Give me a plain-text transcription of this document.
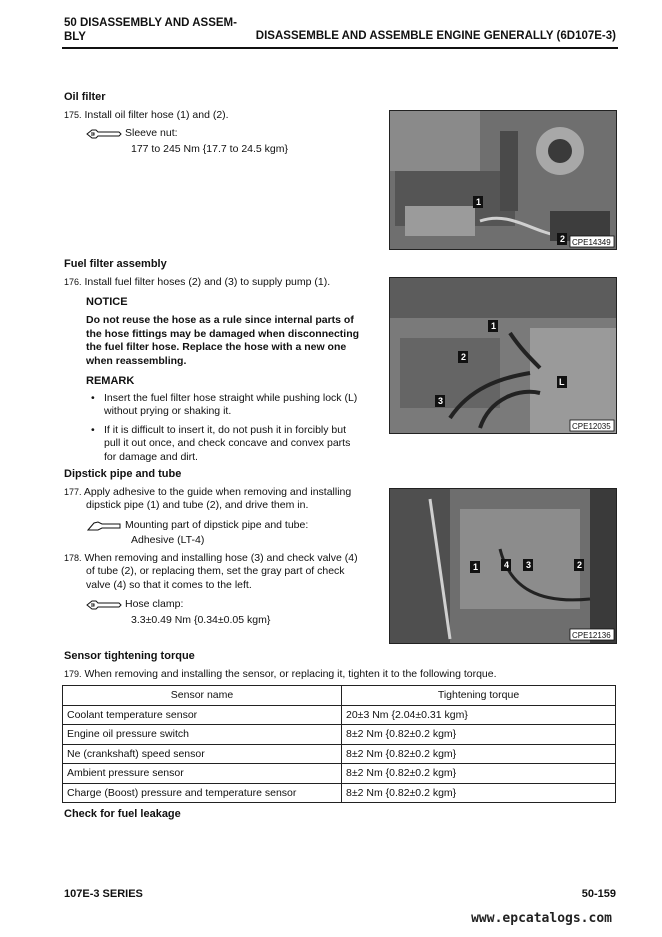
50 DISASSEMBLY AND ASSEM-
BLY	DISASSEMBLE AND ASSEMBLE ENGINE GENERALLY (6D107E-3)
Oil filter
175. Install oil filter hose (1) and (2).
Sleeve nut:
177 to 245 Nm {17.7 to 24.5 kgm}
1
2 CPE14349
Fuel filter assembly
176. Install fuel filter hoses (2) and (3) to supply pump (1).
NOTICE
Do not reuse the hose as a rule since internal parts of
the hose fittings may be damaged when disconnecting
the fuel filter hose. Replace the hose with a new one
when reassembling.
REMARK
• Insert the fuel filter hose straight while pushing lock (L)
without prying or shaking it.
• If it is difficult to insert it, do not push it in forcibly but
pull it out once, and check concave and convex parts
for damage and dirt.
1
2
3
L
CPE12035
Dipstick pipe and tube
177. Apply adhesive to the guide when removing and installing
dipstick pipe (1) and tube (2), and drive them in.
Mounting part of dipstick pipe and tube:
Adhesive (LT-4)
178. When removing and installing hose (3) and check valve (4)
of tube (2), or replacing them, set the gray part of check
valve (4) so that it comes to the left.
Hose clamp:
3.3±0.49 Nm {0.34±0.05 kgm}
1	4 3	2
CPE12136
Sensor tightening torque
179. When removing and installing the sensor, or replacing it, tighten it to the following torque.
Sensor name	Tightening torque
Coolant temperature sensor	20±3 Nm {2.04±0.31 kgm}
Engine oil pressure switch	8±2 Nm {0.82±0.2 kgm}
Ne (crankshaft) speed sensor	8±2 Nm {0.82±0.2 kgm}
Ambient pressure sensor	8±2 Nm {0.82±0.2 kgm}
Charge (Boost) pressure and temperature sensor	8±2 Nm {0.82±0.2 kgm}
Check for fuel leakage
107E-3 SERIES	50-159
www.epcatalogs.com
